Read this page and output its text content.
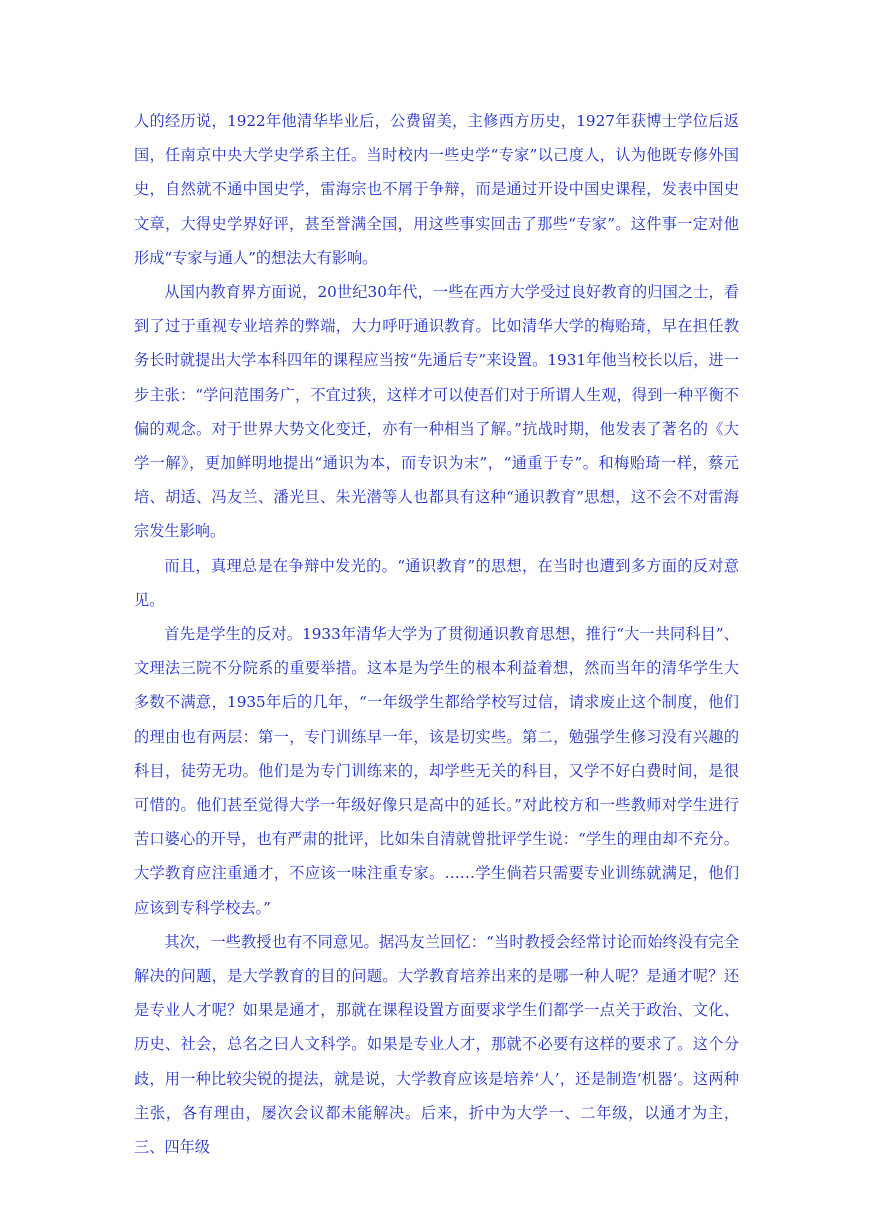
人的经历说，1922年他清华毕业后，公费留美，主修西方历史，1927年获博士学位后返国，任南京中央大学史学系主任。当时校内一些史学“专家”以己度人，认为他既专修外国史，自然就不通中国史学，雷海宗也不屑于争辩，而是通过开设中国史课程，发表中国史文章，大得史学界好评，甚至誉满全国，用这些事实回击了那些“专家”。这件事一定对他形成“专家与通人”的想法大有影响。

从国内教育界方面说，20世纪30年代，一些在西方大学受过良好教育的归国之士，看到了过于重视专业培养的弊端，大力呼吁通识教育。比如清华大学的梅贻琦，早在担任教务长时就提出大学本科四年的课程应当按“先通后专”来设置。1931年他当校长以后，进一步主张：“学问范围务广，不宜过狭，这样才可以使吾们对于所谓人生观，得到一种平衡不偏的观念。对于世界大势文化变迁，亦有一种相当了解。”抗战时期，他发表了著名的《大学一解》，更加鲜明地提出“通识为本，而专识为末”，“通重于专”。和梅贻琦一样，蔡元培、胡适、冯友兰、潘光旦、朱光潜等人也都具有这种“通识教育”思想，这不会不对雷海宗发生影响。

而且，真理总是在争辩中发光的。“通识教育”的思想，在当时也遭到多方面的反对意见。

首先是学生的反对。1933年清华大学为了贯彻通识教育思想，推行“大一共同科目”、文理法三院不分院系的重要举措。这本是为学生的根本利益着想，然而当年的清华学生大多数不满意，1935年后的几年，“一年级学生都给学校写过信，请求废止这个制度，他们的理由也有两层：第一，专门训练早一年，该是切实些。第二，勉强学生修习没有兴趣的科目，徒劳无功。他们是为专门训练来的，却学些无关的科目，又学不好白费时间，是很可惜的。他们甚至觉得大学一年级好像只是高中的延长。”对此校方和一些教师对学生进行苦口婆心的开导，也有严肃的批评，比如朱自清就曾批评学生说：“学生的理由却不充分。大学教育应注重通才，不应该一味注重专家。……学生倘若只需要专业训练就满足，他们应该到专科学校去。”

其次，一些教授也有不同意见。据冯友兰回忆：“当时教授会经常讨论而始终没有完全解决的问题，是大学教育的目的问题。大学教育培养出来的是哪一种人呢？是通才呢？还是专业人才呢？如果是通才，那就在课程设置方面要求学生们都学一点关于政治、文化、历史、社会，总名之曰人文科学。如果是专业人才，那就不必要有这样的要求了。这个分歧，用一种比较尖锐的提法，就是说，大学教育应该是培养‘人’，还是制造‘机器’。这两种主张，各有理由，屡次会议都未能解决。后来，折中为大学一、二年级，以通才为主，三、四年级
